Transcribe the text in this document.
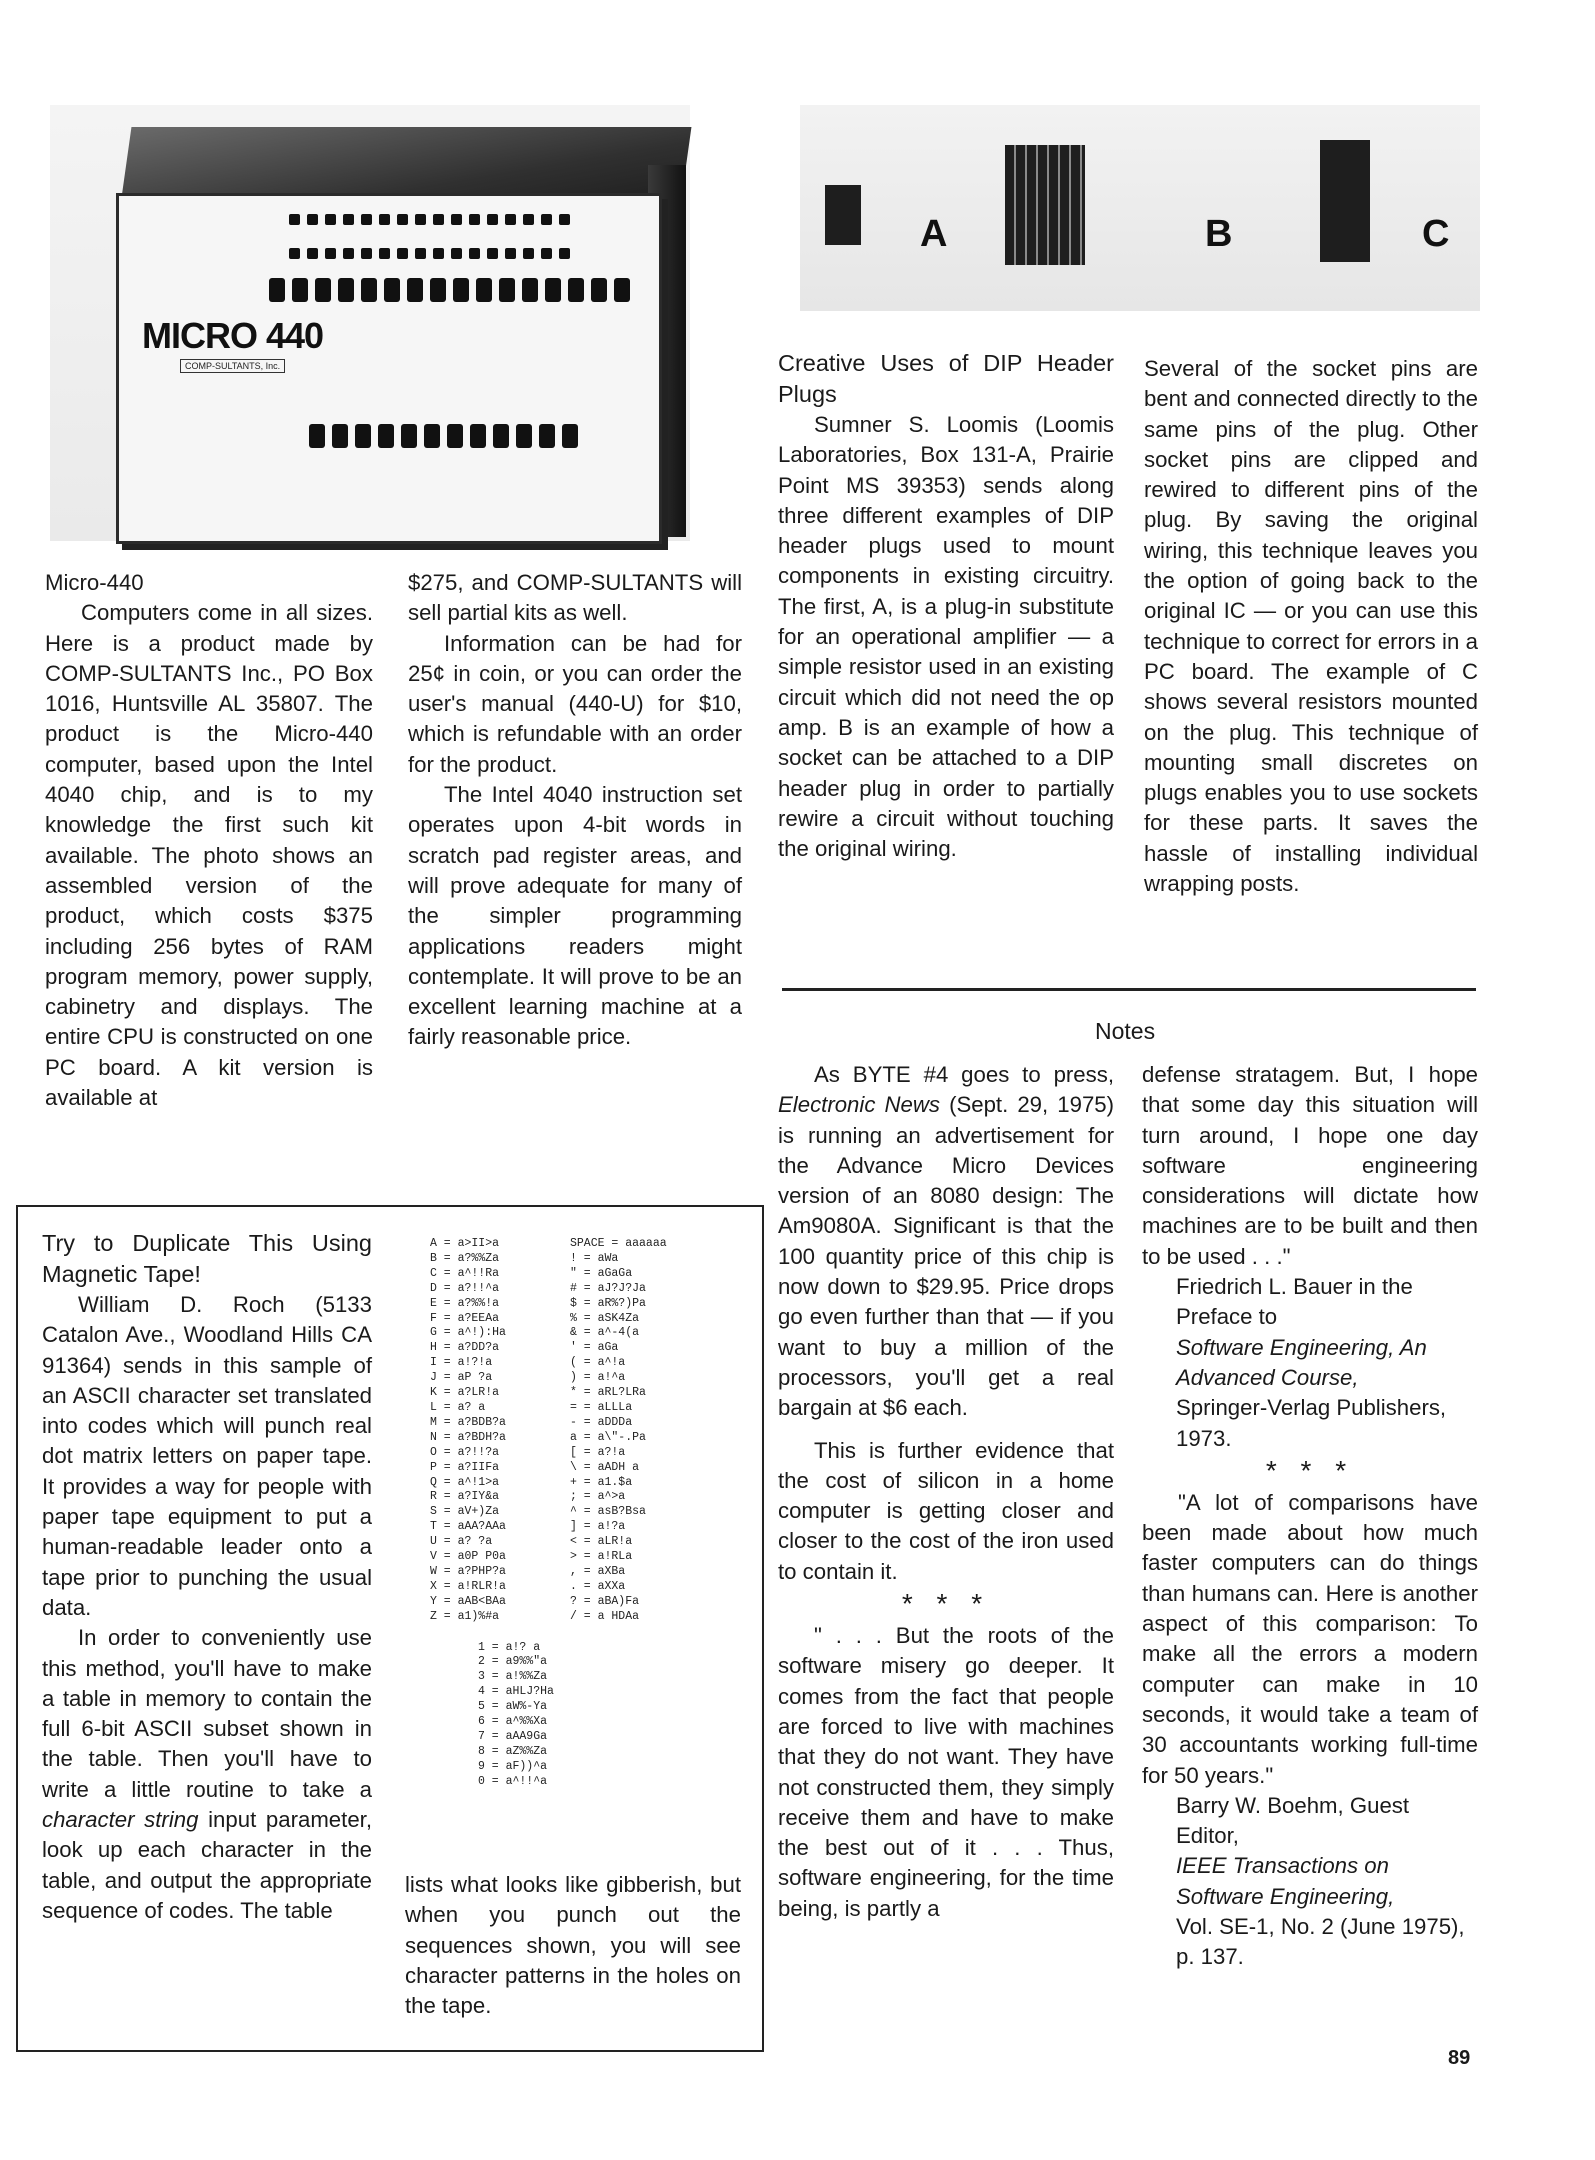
MICRO 440
COMP-SULTANTS, Inc.
A	B	C

Micro-440

Computers come in all sizes. Here is a product made by COMP-SULTANTS Inc., PO Box 1016, Huntsville AL 35807. The product is the Micro-440 computer, based upon the Intel 4040 chip, and is to my knowledge the first such kit available. The photo shows an assembled version of the product, which costs $375 including 256 bytes of RAM program memory, power supply, cabinetry and displays. The entire CPU is constructed on one PC board. A kit version is available at

$275, and COMP-SULTANTS will sell partial kits as well.

Information can be had for 25¢ in coin, or you can order the user's manual (440-U) for $10, which is refundable with an order for the product.

The Intel 4040 instruction set operates upon 4-bit words in scratch pad register areas, and will prove adequate for many of the simpler programming applications readers might contemplate. It will prove to be an excellent learning machine at a fairly reasonable price.

Creative Uses of DIP Header Plugs

Sumner S. Loomis (Loomis Laboratories, Box 131-A, Prairie Point MS 39353) sends along three different examples of DIP header plugs used to mount components in existing circuitry. The first, A, is a plug-in substitute for an operational amplifier — a simple resistor used in an existing circuit which did not need the op amp. B is an example of how a socket can be attached to a DIP header plug in order to partially rewire a circuit without touching the original wiring.

Several of the socket pins are bent and connected directly to the same pins of the plug. Other socket pins are clipped and rewired to different pins of the plug. By saving the original wiring, this technique leaves you the option of going back to the original IC — or you can use this technique to correct for errors in a PC board. The example of C shows several resistors mounted on the plug. This technique of mounting small discretes on plugs enables you to use sockets for these parts. It saves the hassle of installing individual wrapping posts.

Notes

As BYTE #4 goes to press, Electronic News (Sept. 29, 1975) is running an advertisement for the Advance Micro Devices version of an 8080 design: The Am9080A. Significant is that the 100 quantity price of this chip is now down to $29.95. Price drops go even further than that — if you want to buy a million of the processors, you'll get a real bargain at $6 each.

This is further evidence that the cost of silicon in a home computer is getting closer and closer to the cost of the iron used to contain it.

* * *

" . . . But the roots of the software misery go deeper. It comes from the fact that people are forced to live with machines that they do not want. They have not constructed them, they simply receive them and have to make the best out of it . . . Thus, software engineering, for the time being, is partly a

defense stratagem. But, I hope that some day this situation will turn around, I hope one day software engineering considerations will dictate how machines are to be built and then to be used . . ."

Friedrich L. Bauer in the
Preface to
Software Engineering, An Advanced Course,
Springer-Verlag Publishers, 1973.
* * *

"A lot of comparisons have been made about how much faster computers can do things than humans can. Here is another aspect of this comparison: To make all the errors a modern computer can make in 10 seconds, it would take a team of 30 accountants working full-time for 50 years."

Barry W. Boehm, Guest Editor,
IEEE Transactions on Software Engineering,
Vol. SE-1, No. 2 (June 1975), p. 137.

Try to Duplicate This Using Magnetic Tape!

William D. Roch (5133 Catalon Ave., Woodland Hills CA 91364) sends in this sample of an ASCII character set translated into codes which will punch real dot matrix letters on paper tape. It provides a way for people with paper tape equipment to put a human-readable leader onto a tape prior to punching the usual data.

In order to conveniently use this method, you'll have to make a table in memory to contain the full 6-bit ASCII subset shown in the table. Then you'll have to write a little routine to take a character string input parameter, look up each character in the table, and output the appropriate sequence of codes. The table

A = a>II>a	SPACE = aaaaaa
B = a?%%Za	! = aWa
C = a^!!Ra	" = aGaGa
D = a?!!^a	# = aJ?J?Ja
E = a?%%!a	$ = aR%?)Pa
F = a?EEAa	% = aSK4Za
G = a^!):Ha	& = a^-4(a
H = a?DD?a	' = aGa
I = a!?!a	( = a^!a
J = aP ?a	) = a!^a
K = a?LR!a	* = aRL?LRa
L = a? a	= = aLLLa
M = a?BDB?a	- = aDDDa
N = a?BDH?a	a = a\"-.Pa
O = a?!!?a	[ = a?!a
P = a?IIFa	\ = aADH a
Q = a^!1>a	+ = a1.$a
R = a?IY&a	; = a^>a
S = aV+)Za	^ = asB?Bsa
T = aAA?AAa	] = a!?a
U = a? ?a	< = aLR!a
V = a0P P0a	> = a!RLa
W = a?PHP?a	, = aXBa
X = a!RLR!a	. = aXXa
Y = aAB<BAa	? = aBA)Fa
Z = a1)%#a	/ = a HDAa
1 = a!? a
2 = a9%%"a
3 = a!%%Za
4 = aHLJ?Ha
5 = aW%-Ya
6 = a^%%Xa
7 = aAA9Ga
8 = aZ%%Za
9 = aF))^a
0 = a^!!^a

lists what looks like gibberish, but when you punch out the sequences shown, you will see character patterns in the holes on the tape.

89
